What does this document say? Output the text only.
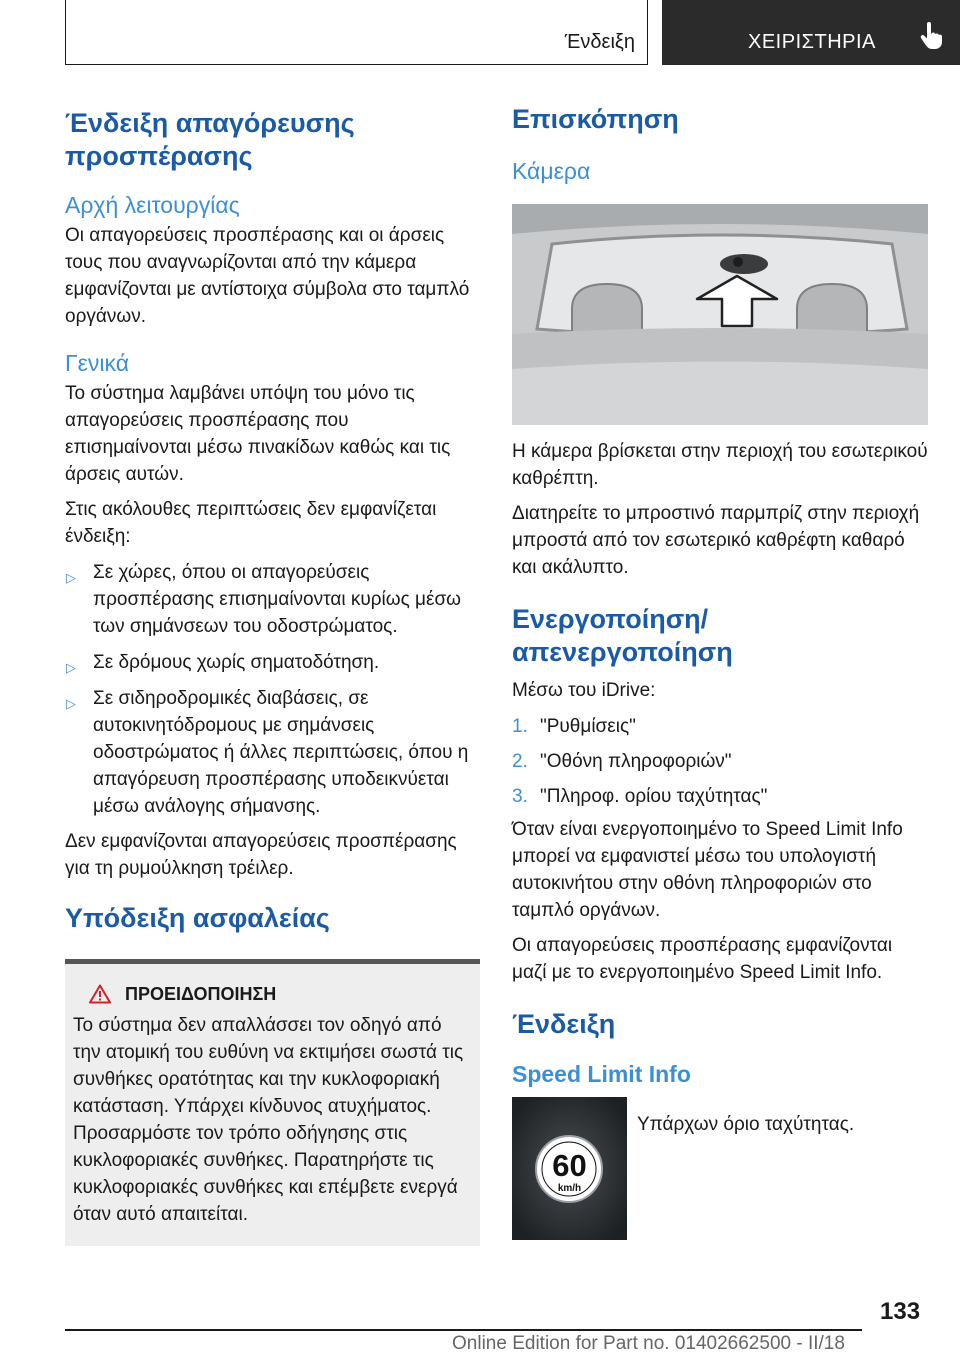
Ένδειξη	ΧΕΙΡΙΣΤΗΡΙΑ
Ένδειξη απαγόρευσης προσπέρασης
Αρχή λειτουργίας
Οι απαγορεύσεις προσπέρασης και οι άρσεις τους που αναγνωρίζονται από την κάμερα εμφανίζονται με αντίστοιχα σύμβολα στο ταμπλό οργάνων.
Γενικά
Το σύστημα λαμβάνει υπόψη του μόνο τις απαγορεύσεις προσπέρασης που επισημαίνονται μέσω πινακίδων καθώς και τις άρσεις αυτών.
Στις ακόλουθες περιπτώσεις δεν εμφανίζεται ένδειξη:
▷ Σε χώρες, όπου οι απαγορεύσεις προσπέρασης επισημαίνονται κυρίως μέσω των σημάνσεων του οδοστρώματος.
▷ Σε δρόμους χωρίς σηματοδότηση.
▷ Σε σιδηροδρομικές διαβάσεις, σε αυτοκινητόδρομους με σημάνσεις οδοστρώματος ή άλλες περιπτώσεις, όπου η απαγόρευση προσπέρασης υποδεικνύεται μέσω ανάλογης σήμανσης.
Δεν εμφανίζονται απαγορεύσεις προσπέρασης για τη ρυμούλκηση τρέιλερ.
Υπόδειξη ασφαλείας
ΠΡΟΕΙΔΟΠΟΙΗΣΗ
Το σύστημα δεν απαλλάσσει τον οδηγό από την ατομική του ευθύνη να εκτιμήσει σωστά τις συνθήκες ορατότητας και την κυκλοφοριακή κατάσταση. Υπάρχει κίνδυνος ατυχήματος. Προσαρμόστε τον τρόπο οδήγησης στις κυκλοφοριακές συνθήκες. Παρατηρήστε τις κυκλοφοριακές συνθήκες και επέμβετε ενεργά όταν αυτό απαιτείται.
Επισκόπηση
Κάμερα
Η κάμερα βρίσκεται στην περιοχή του εσωτερικού καθρέπτη.
Διατηρείτε το μπροστινό παρμπρίζ στην περιοχή μπροστά από τον εσωτερικό καθρέφτη καθαρό και ακάλυπτο.
Ενεργοποίηση/απενεργοποίηση
Μέσω του iDrive:
1. "Ρυθμίσεις"
2. "Οθόνη πληροφοριών"
3. "Πληροφ. ορίου ταχύτητας"
Όταν είναι ενεργοποιημένο το Speed Limit Info μπορεί να εμφανιστεί μέσω του υπολογιστή αυτοκινήτου στην οθόνη πληροφοριών στο ταμπλό οργάνων.
Οι απαγορεύσεις προσπέρασης εμφανίζονται μαζί με το ενεργοποιημένο Speed Limit Info.
Ένδειξη
Speed Limit Info
60
km/h
Υπάρχων όριο ταχύτητας.
133
Online Edition for Part no. 01402662500 - II/18
